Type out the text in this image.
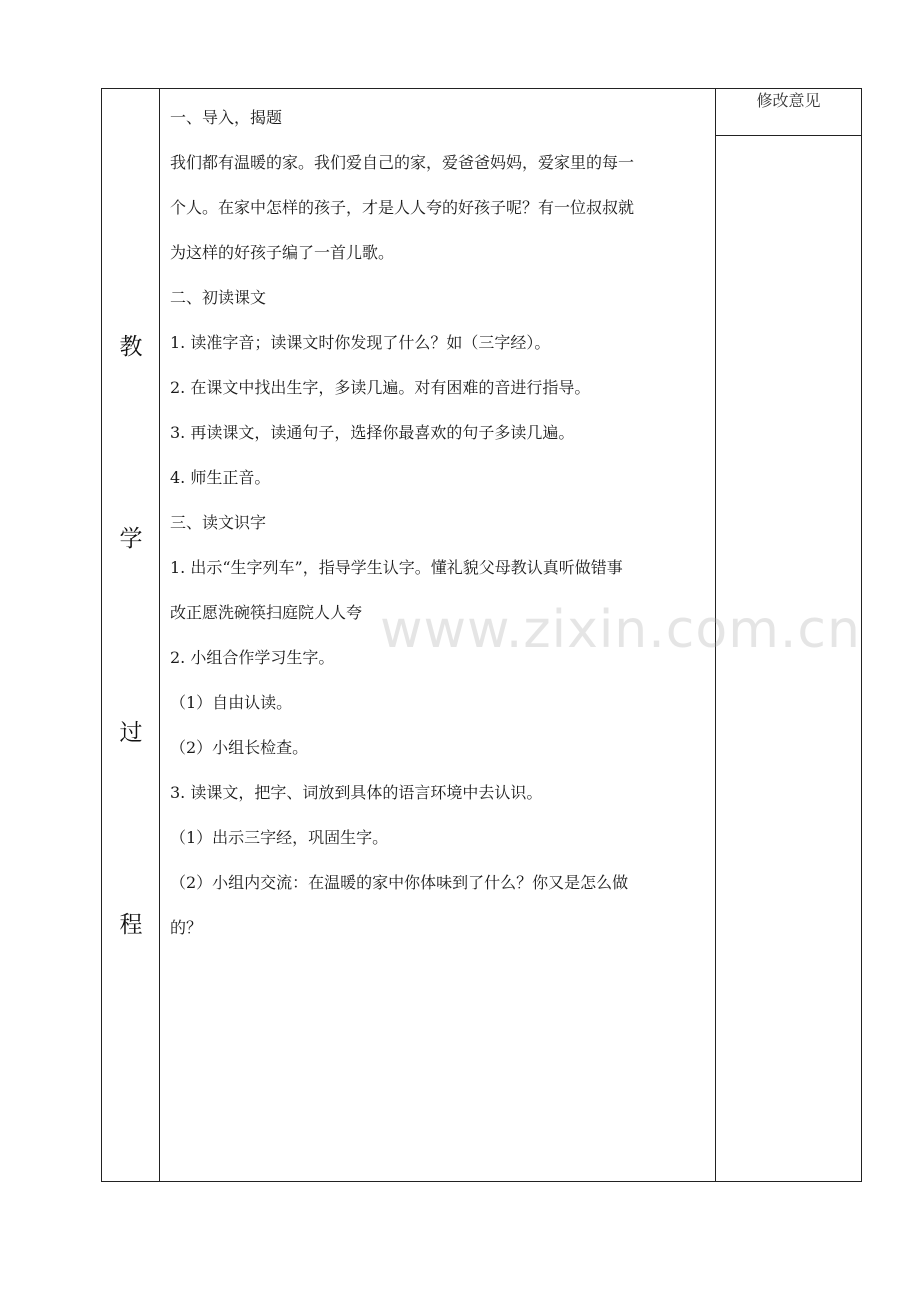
教
学
过
程
一、导入，揭题
我们都有温暖的家。我们爱自己的家，爱爸爸妈妈，爱家里的每一
个人。在家中怎样的孩子，才是人人夸的好孩子呢？有一位叔叔就
为这样的好孩子编了一首儿歌。
二、初读课文
1. 读准字音；读课文时你发现了什么？如（三字经）。
2. 在课文中找出生字，多读几遍。对有困难的音进行指导。
3. 再读课文，读通句子，选择你最喜欢的句子多读几遍。
4. 师生正音。
三、读文识字
1. 出示“生字列车”，指导学生认字。懂礼貌父母教认真听做错事
改正愿洗碗筷扫庭院人人夸
2. 小组合作学习生字。
（1）自由认读。
（2）小组长检查。
3. 读课文，把字、词放到具体的语言环境中去认识。
（1）出示三字经，巩固生字。
（2）小组内交流：在温暖的家中你体味到了什么？你又是怎么做
的？
修改意见
www.zixin.com.cn
